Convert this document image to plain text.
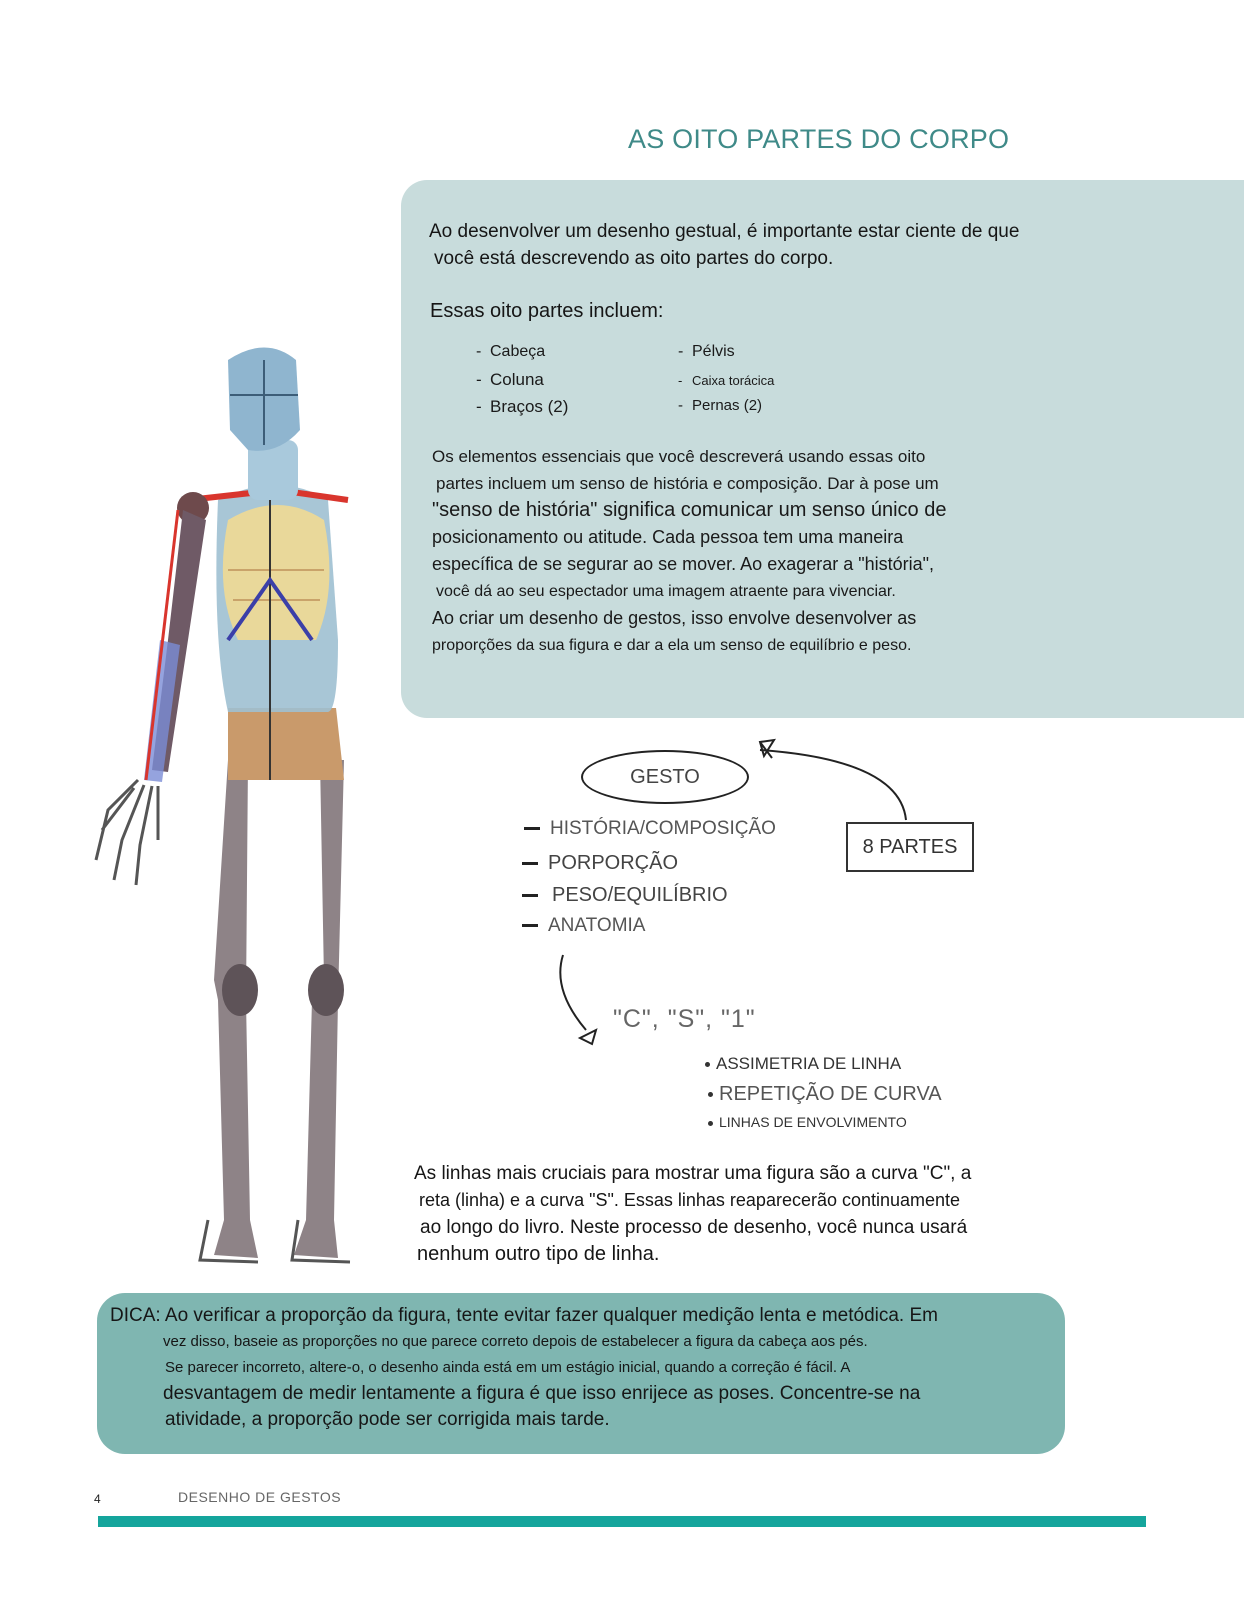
AS OITO PARTES DO CORPO
Ao desenvolver um desenho gestual, é importante estar ciente de que
você está descrevendo as oito partes do corpo.
Essas oito partes incluem:
- Cabeça
- Coluna
- Braços (2)
- Pélvis
- Caixa torácica
- Pernas (2)
Os elementos essenciais que você descreverá usando essas oito
partes incluem um senso de história e composição. Dar à pose um
"senso de história" significa comunicar um senso único de
posicionamento ou atitude. Cada pessoa tem uma maneira
específica de se segurar ao se mover. Ao exagerar a "história",
você dá ao seu espectador uma imagem atraente para vivenciar.
Ao criar um desenho de gestos, isso envolve desenvolver as
proporções da sua figura e dar a ela um senso de equilíbrio e peso.
GESTO
8 PARTES
HISTÓRIA/COMPOSIÇÃO
PORPORÇÃO
PESO/EQUILÍBRIO
ANATOMIA
"C", "S", "1"
ASSIMETRIA DE LINHA
REPETIÇÃO DE CURVA
LINHAS DE ENVOLVIMENTO
As linhas mais cruciais para mostrar uma figura são a curva "C", a
reta (linha) e a curva "S". Essas linhas reaparecerão continuamente
ao longo do livro. Neste processo de desenho, você nunca usará
nenhum outro tipo de linha.
DICA: Ao verificar a proporção da figura, tente evitar fazer qualquer medição lenta e metódica. Em
vez disso, baseie as proporções no que parece correto depois de estabelecer a figura da cabeça aos pés.
Se parecer incorreto, altere-o, o desenho ainda está em um estágio inicial, quando a correção é fácil. A
desvantagem de medir lentamente a figura é que isso enrijece as poses. Concentre-se na
atividade, a proporção pode ser corrigida mais tarde.
4	DESENHO DE GESTOS
